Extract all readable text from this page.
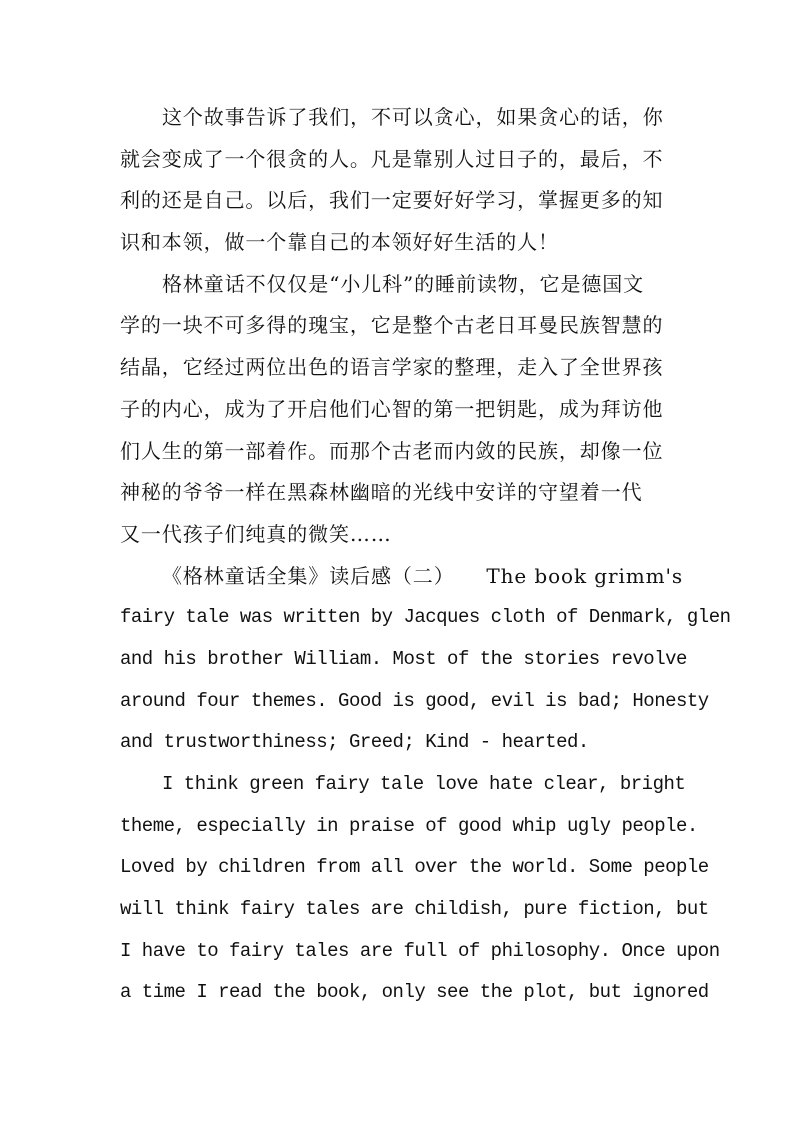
这个故事告诉了我们，不可以贪心，如果贪心的话，你
就会变成了一个很贪的人。凡是靠别人过日子的，最后，不
利的还是自己。以后，我们一定要好好学习，掌握更多的知
识和本领，做一个靠自己的本领好好生活的人！
格林童话不仅仅是“小儿科”的睡前读物，它是德国文
学的一块不可多得的瑰宝，它是整个古老日耳曼民族智慧的
结晶，它经过两位出色的语言学家的整理，走入了全世界孩
子的内心，成为了开启他们心智的第一把钥匙，成为拜访他
们人生的第一部着作。而那个古老而内敛的民族，却像一位
神秘的爷爷一样在黑森林幽暗的光线中安详的守望着一代
又一代孩子们纯真的微笑……
《格林童话全集》读后感（二）　　The book grimm's
fairy tale was written by Jacques cloth of Denmark, glen
and his brother William. Most of the stories revolve
around four themes. Good is good, evil is bad; Honesty
and trustworthiness; Greed; Kind - hearted.
I think green fairy tale love hate clear, bright
theme, especially in praise of good whip ugly people.
Loved by children from all over the world. Some people
will think fairy tales are childish, pure fiction, but
I have to fairy tales are full of philosophy. Once upon
a time I read the book, only see the plot, but ignored
